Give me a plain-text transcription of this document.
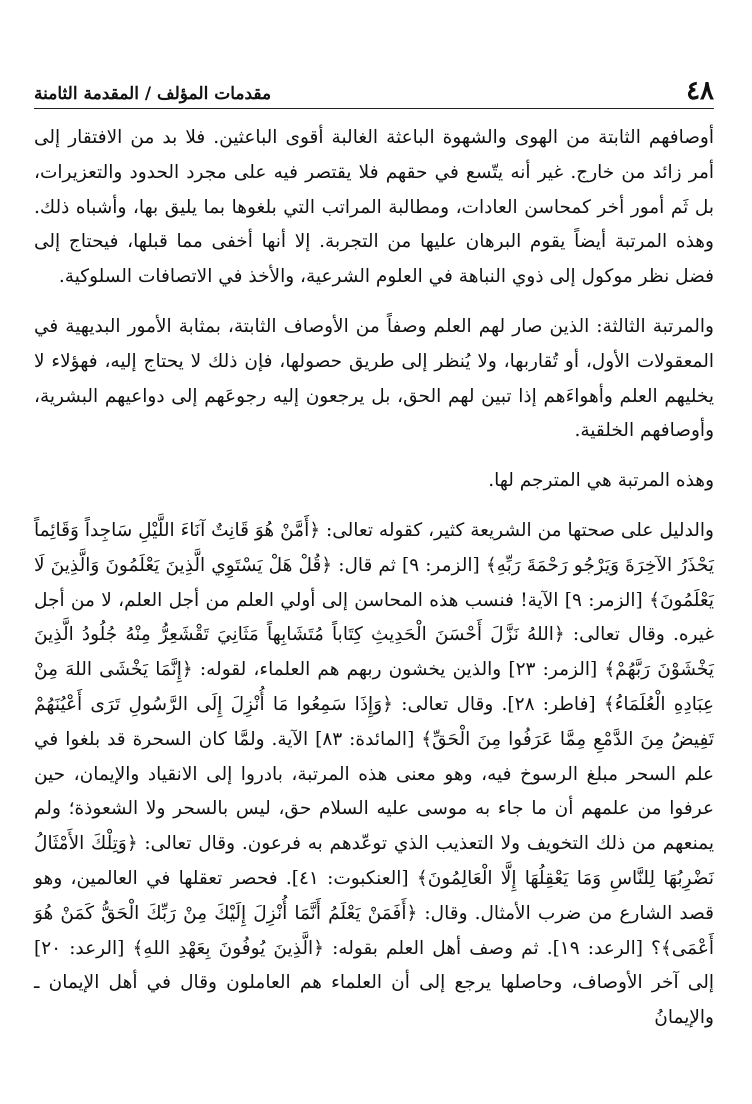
٤٨
مقدمات المؤلف / المقدمة الثامنة

أوصافهم الثابتة من الهوى والشهوة الباعثة الغالبة أقوى الباعثين. فلا بد من الافتقار إلى أمر زائد من خارج. غير أنه يتّسع في حقهم فلا يقتصر فيه على مجرد الحدود والتعزيرات، بل ثَم أمور أخر كمحاسن العادات، ومطالبة المراتب التي بلغوها بما يليق بها، وأشباه ذلك. وهذه المرتبة أيضاً يقوم البرهان عليها من التجربة. إلا أنها أخفى مما قبلها، فيحتاج إلى فضل نظر موكول إلى ذوي النباهة في العلوم الشرعية، والأخذ في الاتصافات السلوكية.

والمرتبة الثالثة: الذين صار لهم العلم وصفاً من الأوصاف الثابتة، بمثابة الأمور البديهية في المعقولات الأول، أو تُقاربها، ولا يُنظر إلى طريق حصولها، فإن ذلك لا يحتاج إليه، فهؤلاء لا يخليهم العلم وأهواءَهم إذا تبين لهم الحق، بل يرجعون إليه رجوعَهم إلى دواعيهم البشرية، وأوصافهم الخلقية.

وهذه المرتبة هي المترجم لها.

والدليل على صحتها من الشريعة كثير، كقوله تعالى: ﴿أَمَّنْ هُوَ قَانِتٌ آنَاءَ اللَّيْلِ سَاجِداً وَقَائِماً يَحْذَرُ الآخِرَةَ وَيَرْجُو رَحْمَةَ رَبِّهِ﴾ [الزمر: ٩] ثم قال: ﴿قُلْ هَلْ يَسْتَوِي الَّذِينَ يَعْلَمُونَ وَالَّذِينَ لَا يَعْلَمُونَ﴾ [الزمر: ٩] الآية! فنسب هذه المحاسن إلى أولي العلم من أجل العلم، لا من أجل غيره. وقال تعالى: ﴿اللهُ نَزَّلَ أَحْسَنَ الْحَدِيثِ كِتَاباً مُتَشَابِهاً مَثَانِيَ تَقْشَعِرُّ مِنْهُ جُلُودُ الَّذِينَ يَخْشَوْنَ رَبَّهُمْ﴾ [الزمر: ٢٣] والذين يخشون ربهم هم العلماء، لقوله: ﴿إِنَّمَا يَخْشَى اللهَ مِنْ عِبَادِهِ الْعُلَمَاءُ﴾ [فاطر: ٢٨]. وقال تعالى: ﴿وَإِذَا سَمِعُوا مَا أُنْزِلَ إِلَى الرَّسُولِ تَرَى أَعْيُنَهُمْ تَفِيضُ مِنَ الدَّمْعِ مِمَّا عَرَفُوا مِنَ الْحَقِّ﴾ [المائدة: ٨٣] الآية. ولمَّا كان السحرة قد بلغوا في علم السحر مبلغ الرسوخ فيه، وهو معنى هذه المرتبة، بادروا إلى الانقياد والإيمان، حين عرفوا من علمهم أن ما جاء به موسى عليه السلام حق، ليس بالسحر ولا الشعوذة؛ ولم يمنعهم من ذلك التخويف ولا التعذيب الذي توعّدهم به فرعون. وقال تعالى: ﴿وَتِلْكَ الأَمْثَالُ نَضْرِبُهَا لِلنَّاسِ وَمَا يَعْقِلُهَا إِلَّا الْعَالِمُونَ﴾ [العنكبوت: ٤١]. فحصر تعقلها في العالمين، وهو قصد الشارع من ضرب الأمثال. وقال: ﴿أَفَمَنْ يَعْلَمُ أَنَّمَا أُنْزِلَ إِلَيْكَ مِنْ رَبِّكَ الْحَقُّ كَمَنْ هُوَ أَعْمَى﴾؟ [الرعد: ١٩]. ثم وصف أهل العلم بقوله: ﴿الَّذِينَ يُوفُونَ بِعَهْدِ اللهِ﴾ [الرعد: ٢٠] إلى آخر الأوصاف، وحاصلها يرجع إلى أن العلماء هم العاملون وقال في أهل الإيمان ـ والإيمانُ
